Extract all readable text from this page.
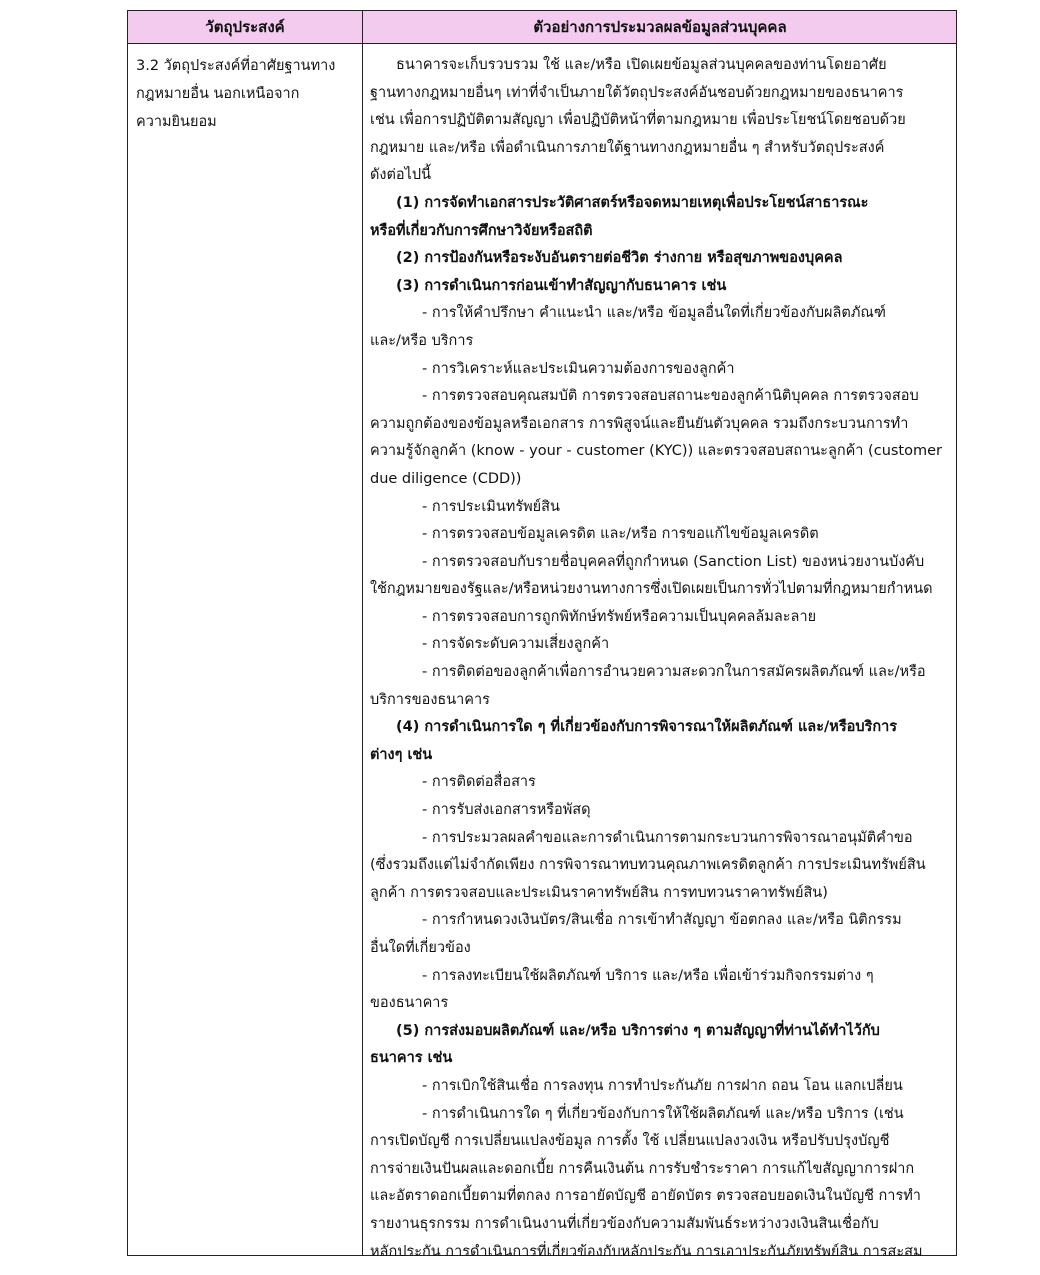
วัตถุประสงค์	ตัวอย่างการประมวลผลข้อมูลส่วนบุคคล
3.2 วัตถุประสงค์ที่อาศัยฐานทาง
กฎหมายอื่น นอกเหนือจาก
ความยินยอม
ธนาคารจะเก็บรวบรวม ใช้ และ/หรือ เปิดเผยข้อมูลส่วนบุคคลของท่านโดยอาศัย
ฐานทางกฎหมายอื่นๆ เท่าที่จำเป็นภายใต้วัตถุประสงค์อันชอบด้วยกฎหมายของธนาคาร
เช่น เพื่อการปฏิบัติตามสัญญา เพื่อปฏิบัติหน้าที่ตามกฎหมาย เพื่อประโยชน์โดยชอบด้วย
กฎหมาย และ/หรือ เพื่อดำเนินการภายใต้ฐานทางกฎหมายอื่น ๆ สำหรับวัตถุประสงค์
ดังต่อไปนี้
(1) การจัดทำเอกสารประวัติศาสตร์หรือจดหมายเหตุเพื่อประโยชน์สาธารณะ
หรือที่เกี่ยวกับการศึกษาวิจัยหรือสถิติ
(2) การป้องกันหรือระงับอันตรายต่อชีวิต ร่างกาย หรือสุขภาพของบุคคล
(3) การดำเนินการก่อนเข้าทำสัญญากับธนาคาร เช่น
- การให้คำปรึกษา คำแนะนำ และ/หรือ ข้อมูลอื่นใดที่เกี่ยวข้องกับผลิตภัณฑ์
และ/หรือ บริการ
- การวิเคราะห์และประเมินความต้องการของลูกค้า
- การตรวจสอบคุณสมบัติ การตรวจสอบสถานะของลูกค้านิติบุคคล การตรวจสอบ
ความถูกต้องของข้อมูลหรือเอกสาร การพิสูจน์และยืนยันตัวบุคคล รวมถึงกระบวนการทำ
ความรู้จักลูกค้า (know - your - customer (KYC)) และตรวจสอบสถานะลูกค้า (customer
due diligence (CDD))
- การประเมินทรัพย์สิน
- การตรวจสอบข้อมูลเครดิต และ/หรือ การขอแก้ไขข้อมูลเครดิต
- การตรวจสอบกับรายชื่อบุคคลที่ถูกกำหนด (Sanction List) ของหน่วยงานบังคับ
ใช้กฎหมายของรัฐและ/หรือหน่วยงานทางการซึ่งเปิดเผยเป็นการทั่วไปตามที่กฎหมายกำหนด
- การตรวจสอบการถูกพิทักษ์ทรัพย์หรือความเป็นบุคคลล้มละลาย
- การจัดระดับความเสี่ยงลูกค้า
- การติดต่อของลูกค้าเพื่อการอำนวยความสะดวกในการสมัครผลิตภัณฑ์ และ/หรือ
บริการของธนาคาร
(4) การดำเนินการใด ๆ ที่เกี่ยวข้องกับการพิจารณาให้ผลิตภัณฑ์ และ/หรือบริการ
ต่างๆ เช่น
- การติดต่อสื่อสาร
- การรับส่งเอกสารหรือพัสดุ
- การประมวลผลคำขอและการดำเนินการตามกระบวนการพิจารณาอนุมัติคำขอ
(ซึ่งรวมถึงแต่ไม่จำกัดเพียง การพิจารณาทบทวนคุณภาพเครดิตลูกค้า การประเมินทรัพย์สิน
ลูกค้า การตรวจสอบและประเมินราคาทรัพย์สิน การทบทวนราคาทรัพย์สิน)
- การกำหนดวงเงินบัตร/สินเชื่อ การเข้าทำสัญญา ข้อตกลง และ/หรือ นิติกรรม
อื่นใดที่เกี่ยวข้อง
- การลงทะเบียนใช้ผลิตภัณฑ์ บริการ และ/หรือ เพื่อเข้าร่วมกิจกรรมต่าง ๆ
ของธนาคาร
(5) การส่งมอบผลิตภัณฑ์ และ/หรือ บริการต่าง ๆ ตามสัญญาที่ท่านได้ทำไว้กับ
ธนาคาร เช่น
- การเบิกใช้สินเชื่อ การลงทุน การทำประกันภัย การฝาก ถอน โอน แลกเปลี่ยน
- การดำเนินการใด ๆ ที่เกี่ยวข้องกับการให้ใช้ผลิตภัณฑ์ และ/หรือ บริการ (เช่น
การเปิดบัญชี การเปลี่ยนแปลงข้อมูล การตั้ง ใช้ เปลี่ยนแปลงวงเงิน หรือปรับปรุงบัญชี
การจ่ายเงินปันผลและดอกเบี้ย การคืนเงินต้น การรับชำระราคา การแก้ไขสัญญาการฝาก
และอัตราดอกเบี้ยตามที่ตกลง การอายัดบัญชี อายัดบัตร ตรวจสอบยอดเงินในบัญชี การทำ
รายงานธุรกรรม การดำเนินงานที่เกี่ยวข้องกับความสัมพันธ์ระหว่างวงเงินสินเชื่อกับ
หลักประกัน การดำเนินการที่เกี่ยวข้องกับหลักประกัน การเอาประกันภัยทรัพย์สิน การสะสม
